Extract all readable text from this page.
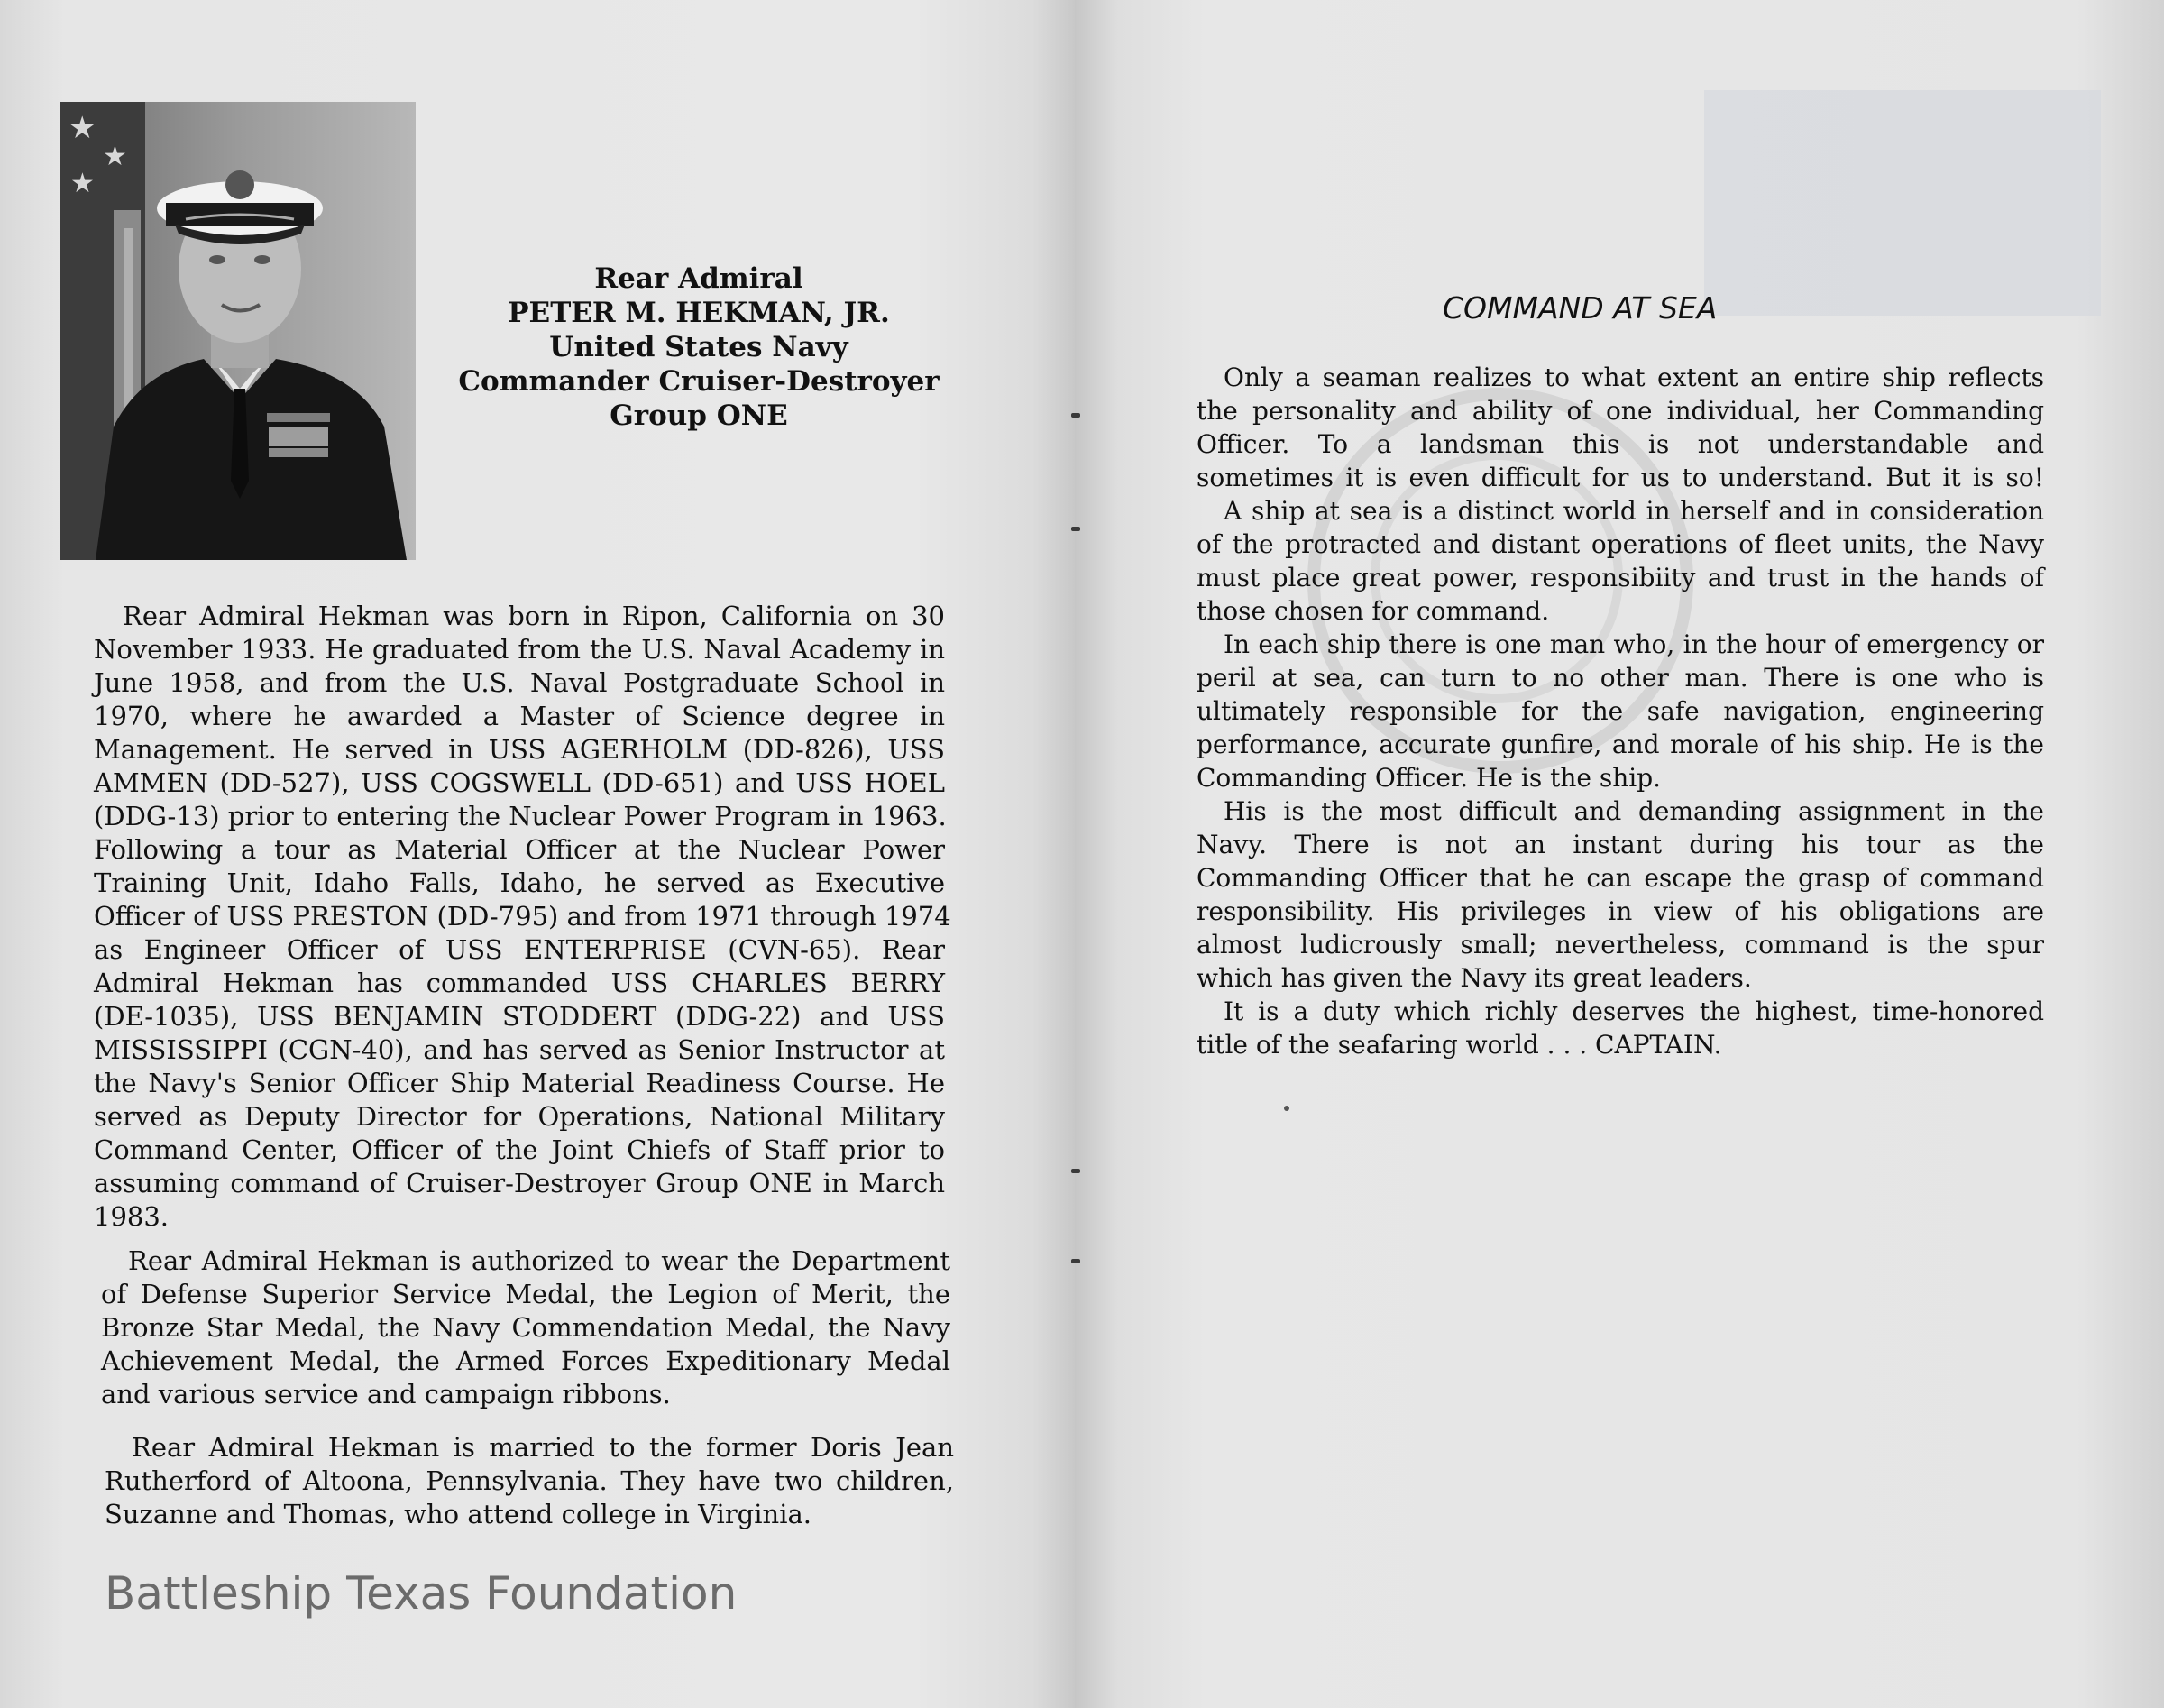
★
★
★
Rear Admiral
PETER M. HEKMAN, JR.
United States Navy
Commander Cruiser-Destroyer
Group ONE
Rear Admiral Hekman was born in Ripon, California on 30
November 1933. He graduated from the U.S. Naval Academy in
June 1958, and from the U.S. Naval Postgraduate School in
1970, where he awarded a Master of Science degree in
Management. He served in USS AGERHOLM (DD-826), USS
AMMEN (DD-527), USS COGSWELL (DD-651) and USS HOEL
(DDG-13) prior to entering the Nuclear Power Program in 1963.
Following a tour as Material Officer at the Nuclear Power
Training Unit, Idaho Falls, Idaho, he served as Executive
Officer of USS PRESTON (DD-795) and from 1971 through 1974
as Engineer Officer of USS ENTERPRISE (CVN-65). Rear
Admiral Hekman has commanded USS CHARLES BERRY
(DE-1035), USS BENJAMIN STODDERT (DDG-22) and USS
MISSISSIPPI (CGN-40), and has served as Senior Instructor at
the Navy's Senior Officer Ship Material Readiness Course. He
served as Deputy Director for Operations, National Military
Command Center, Officer of the Joint Chiefs of Staff prior to
assuming command of Cruiser-Destroyer Group ONE in March
1983.
Rear Admiral Hekman is authorized to wear the Department
of Defense Superior Service Medal, the Legion of Merit, the
Bronze Star Medal, the Navy Commendation Medal, the Navy
Achievement Medal, the Armed Forces Expeditionary Medal
and various service and campaign ribbons.
Rear Admiral Hekman is married to the former Doris Jean
Rutherford of Altoona, Pennsylvania. They have two children,
Suzanne and Thomas, who attend college in Virginia.
Battleship Texas Foundation
COMMAND AT SEA
Only a seaman realizes to what extent an entire ship reflects
the personality and ability of one individual, her Commanding
Officer. To a landsman this is not understandable and
sometimes it is even difficult for us to understand. But it is so!
A ship at sea is a distinct world in herself and in consideration
of the protracted and distant operations of fleet units, the Navy
must place great power, responsibiity and trust in the hands of
those chosen for command.
In each ship there is one man who, in the hour of emergency or
peril at sea, can turn to no other man. There is one who is
ultimately responsible for the safe navigation, engineering
performance, accurate gunfire, and morale of his ship. He is the
Commanding Officer. He is the ship.
His is the most difficult and demanding assignment in the
Navy. There is not an instant during his tour as the
Commanding Officer that he can escape the grasp of command
responsibility. His privileges in view of his obligations are
almost ludicrously small; nevertheless, command is the spur
which has given the Navy its great leaders.
It is a duty which richly deserves the highest, time-honored
title of the seafaring world . . . CAPTAIN.
